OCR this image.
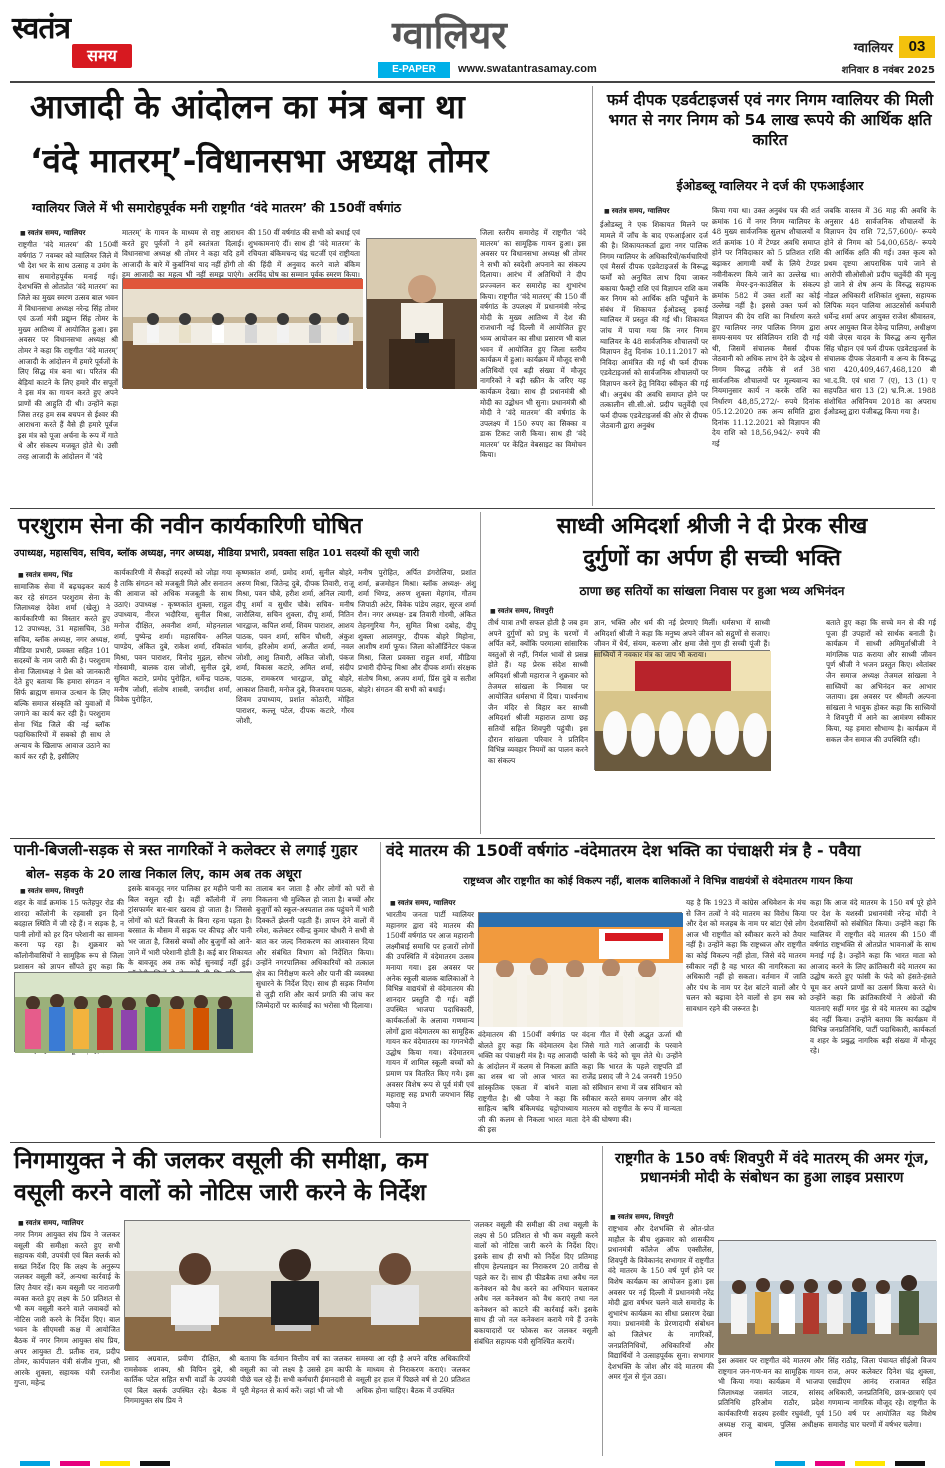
स्वतंत्र
समय	ग्वालियर
E-PAPER	www.swatantrasamay.com
ग्वालियर	03
शनिवार 8 नवंबर 2025
आजादी के आंदोलन का मंत्र बना था
‘वंदे मातरम्’-विधानसभा अध्यक्ष तोमर
ग्वालियर जिले में भी समारोहपूर्वक मनी राष्ट्रगीत ‘वंदे मातरम’ की 150वीं वर्षगांठ
■ स्वतंत्र समय, ग्वालियर
राष्ट्रगीत ‘वंदे मातरम’ की 150वीं वर्षगांठ 7 नवम्बर को ग्वालियर जिले में भी देश भर के साथ उत्साह व उमंग के साथ समारोहपूर्वक मनाई गई। देशभक्ति से ओतप्रोत ‘वंदे मातरम’ का जिले का मुख्य स्मरण उत्सव बाल भवन में विधानसभा अध्यक्ष नरेन्द्र सिंह तोमर एवं ऊर्जा मंत्री प्रद्युम्न सिंह तोमर के मुख्य आतिथ्य में आयोजित हुआ। इस अवसर पर विधानसभा अध्यक्ष श्री तोमर ने कहा कि राष्ट्रगीत ‘वंदे मातरम्’ आजादी के आंदोलन में हमारे पूर्वजों के लिए सिद्ध मंत्र बना था। परितंत्र की बेड़ियां काटने के लिए हमारे वीर सपूतों ने इस मंत्र का गायन करते हुए अपने प्राणों की आहुति दी थी। उन्होंने कहा जिस तरह हम सब बचपन से ईश्वर की आराधना करते हैं वैसे ही हमारे पूर्वज इस मंत्र को पूजा अर्चना के रूप में गाते थे और संकल्प मजबूत होते थे। उसी तरह आजादी के आंदोलन में ‘वंदे
मातरम्’ के गायन के माध्यम से राष्ट्र आराधन करते हुए पूर्वजों ने हमें स्वतंत्रता दिलाई। विधानसभा अध्यक्ष श्री तोमर ने कहा यदि हमें आजादी के बारे में कुर्बानियां याद नहीं होंगी तो हम आजादी का महत्व भी नहीं समझ पाएंगे।
की 150 वीं वर्षगांठ की सभी को बधाई एवं शुभकामनाएं दीं। साथ ही ‘वंदे मातरम’ के रचियता बंकिमचन्द चंद्र चटर्जी एवं राष्ट्रीयता की हिंदी में अनुवाद करने वाले बंकिम अरविंद घोष का सम्मान पूर्वक स्मरण किया।
जिला स्तरीय समारोह में राष्ट्रगीत ‘वंदे मातरम’ का सामूहिक गायन हुआ। इस अवसर पर विधानसभा अध्यक्ष श्री तोमर ने सभी को स्वदेशी अपनाने का संकल्प दिलाया। आरंभ में अतिथियों ने दीप प्रज्ज्वलन कर समारोह का शुभारंभ किया। राष्ट्रगीत ‘वंदे मातरम्’ की 150 वीं वर्षगांठ के उपलक्ष्य में प्रधानमंत्री नरेन्द्र मोदी के मुख्य आतिथ्य में देश की राजधानी नई दिल्ली में आयोजित हुए भव्य आयोजन का सीधा प्रसारण भी बाल भवन में आयोजित हुए जिला स्तरीय कार्यक्रम में हुआ। कार्यक्रम में मौजूद सभी अतिथियों एवं बड़ी संख्या में मौजूद नागरिकों ने बड़ी स्क्रीन के जरिए यह कार्यक्रम देखा। साथ ही प्रधानमंत्री श्री मोदी का उद्बोधन भी सुना। प्रधानमंत्री श्री मोदी ने ‘वंदे मातरम’ की वर्षगांठ के उपलक्ष्य में 150 रुपए का सिक्का व डाक टिकट जारी किया। साथ ही ‘वंदे मातरम’ पर केंद्रित वेबसाइट का विमोचन किया।
फर्म दीपक एडर्वटाइजर्स एवं नगर निगम ग्वालियर की मिली भगत से नगर निगम को 54 लाख रूपये की आर्थिक क्षति कारित
ईओडब्लू ग्वालियर ने दर्ज की एफआईआर
■ स्वतंत्र समय, ग्वालियर
ईओडब्लू ने एक शिकायत मिलने पर मामले में जाँच के बाद एफआईआर दर्ज की है। शिकायतकर्ता द्वारा नगर पालिक निगम ग्वालियर के अधिकारियों/कर्मचारियों एवं मैसर्स दीपक एडवेटाइजर्स के विरूद्ध फर्मों को अनुचित लाभ दिया जाकर बकाया फैक्ट्री राशि एवं विज्ञापन राशि कम कर निगम को आर्थिक क्षति पहुँचाने के संबंध में शिकायत ईओडब्लू इकाई ग्वालियर में प्रस्तुत की गई थी। शिकायत जांच में पाया गया कि नगर निगम ग्वालियर के 48 सार्वजनिक शौचालयों पर विज्ञापन हेतु दिनांक 10.11.2017 को निविदा आमंत्रित की गई थी फर्म दीपक एडवेटाइजर्स को सार्वजनिक शौचालयों पर विज्ञापन करने हेतु निविदा स्वीकृत की गई थी। अनुबंध की अवधि समाप्त होने पर तत्कालीन सी.सी.ओ. प्रदीप चतुर्वेदी एवं फर्म दीपक एडवेटाइजर्स की ओर से दीपक जेठवानी द्वारा अनुबंध
किया गया था। उक्त अनुबंध पत्र की शर्त क्रमांक 16 में नगर निगम ग्वालियर के 48 मुख्य सार्वजनिक सुलभ शौचालयों व शर्त क्रमांक 10 में टेण्डर अवधि समाप्त होने पर निविदाकार को 5 प्रतिशत राशि बढ़ाकर आगामी वर्षों के लिये टेण्डर नवीनीकरण किये जाने का उल्लेख था। जबकि मेयर-इन-काउंसिल के संकल्प क्रमांक 582 में उक्त शर्तों का कोई उल्लेख नहीं है। इससे उक्त फर्म को विज्ञापन की देय राशि का निर्धारण करते हुए ग्वालियर नगर पालिक निगम द्वारा समय-समय पर संविलियन राशि दी गई थी, जिसमें संचालक मैसर्स दीपक जेठवानी को अधिक लाभ देने के उद्देश्य से निगम विरुद्ध तरीके से शर्त 38 सार्वजनिक शौचालयों पर मूल्यवान्य का नियमानुसार कार्य न करके राशि का निर्धारण 48,85,272/- रुपये दिनांक 05.12.2020 तक अन्य समिति द्वारा दिनांक 11.12.2021 को विज्ञापन की देय राशि को 18,56,942/- रुपये की गई
जबकि वास्तव में 36 माह की अवधि के अनुसार 48 सार्वजनिक शौचालयों के विज्ञापन देय राशि 72,57,600/- रूपये होने से निगम को 54,00,658/- रूपये की आर्थिक क्षति की गई। उक्त कृत्य को प्रथम दृष्टया आपराधिक पाये जाने से आरोपी सीओसीओ प्रदीप चतुर्वेदी की मृत्यु हो जाने से शेष अन्य के विरुद्ध सहायक नोडल अधिकारी शशिकांत शुक्ला, सहायक लिपिक मदन पालिया आउटसोर्स कर्मचारी धर्मेन्द्र शर्मा अपर आयुक्त राजेश श्रीवास्तव, अपर आयुक्त विज देवेन्द्र पालिया, अधीक्षण यंत्री जेएस यादव के विरुद्ध अन्य सुनील सिंह चौहान एवं फर्म दीपक एडवेटाइजर्स के संचालक दीपक जेठवानी व अन्य के विरूद्ध धारा 420,409,467,468,120 बी भा.द.वि. एवं धारा 7 (ए), 13 (1) ए सहपठित धारा 13 (2) भ्र.नि.अ. 1988 संशोधित अधिनियम 2018 का अपराध ईओडब्लू द्वारा पंजीबद्ध किया गया है।
परशुराम सेना की नवीन कार्यकारिणी घोषित
उपाध्यक्ष, महासचिव, सचिव, ब्लॉक अध्यक्ष, नगर अध्यक्ष, मीडिया प्रभारी, प्रवक्ता सहित 101 सदस्यों की सूची जारी
■ स्वतंत्र समय, भिंड
सामाजिक सेवा में बढ़चढ़कर कार्य कर रहे संगठन परशुराम सेना के जिलाध्यक्ष देवेश शर्मा (खेलू) ने कार्यकारिणी का विस्तार करते हुए 12 उपाध्यक्ष, 31 महासचिव, 38 सचिव, ब्लॉक अध्यक्ष, नगर अध्यक्ष, मीडिया प्रभारी, प्रवक्ता सहित 101 सदस्यों के नाम जारी की है। परशुराम सेना जिलाध्यक्ष ने प्रेस को जानकारी देते हुए बताया कि हमारा संगठन न सिर्फ ब्राह्मण समाज उत्थान के लिए बल्कि समाज संस्कृति को युवाओं में जगाने का कार्य कर रही है। परशुराम सेना भिंड जिले की नई ब्लॉक पदाधिकारियों में सबको ही साथ ले अन्याय के खिलाफ आवाज उठाने का कार्य कर रही है, इसीलिए
कार्यकारिणी में सैकड़ों सदस्यों को जोड़ा गया है ताकि संगठन को मजबूती मिले और सनातन की आवाज को अधिक मजबूती के साथ उठाएं। उपाध्यक्ष - कृष्णकांत शुक्ला, राहुल उपाध्याय, नीरज भदौरिया, सुनील मिश्रा, मनोज दीक्षित, अवनीश शर्मा, मोहनलाल शर्मा, पुष्पेन्द्र शर्मा। महासचिव- अनिल पाण्डेय, अंकित दुबे, राकेश शर्मा, रविकांत मिश्रा, पवन पाराशर, विनोद मुद्गल, सौरभ गोस्वामी, बालक दास जोशी, सुनील दुबे, सुमित कटारे, प्रमोद पुरोहित, धर्मेन्द्र पाठक, मनीष जोशी, संतोष शास्त्री, जगदीश शर्मा, विवेक पुरोहित,
कृष्णकांत शर्मा, प्रमोद शर्मा, सुनील बोहरे, अरुण मिश्रा, जितेन्द्र दुबे, दीपक तिवारी, राजू मिश्रा, पवन चौबे, हरीश शर्मा, अनिल त्यागी, दीपू शर्मा व सुधीर चौबे। सचिव- मनीष जारौलिया, सचिन शुक्ला, दीपू शर्मा, नितिन भारद्वाज, कपिल शर्मा, शिवम पाराशर, आशय पाठक, पवन शर्मा, सचिन चौधरी, अंकुश भार्गव, हरिओम शर्मा, अजीत शर्मा, नवल जोशी, आशु तिवारी, अंकित जोशी, पंकज शर्मा, विकास कटारे, अमित शर्मा, संदीप पाठक, रामकरण भारद्वाज, छोटू बोहरे, आकाश तिवारी, मनोज दुबे, विजयराम पाठक, शिवम उपाध्याय, प्रशांत कोठारी, मोहित पाराशर, कल्लू पटेल, दीपक कटारे, गौरव जोशी,
मनीष पुरोहित, अर्पित डंगरोलिया, प्रशांत शर्मा, ब्रजमोहन मिश्रा। ब्लॉक अध्यक्ष- अंशु शर्मा भिण्ड, अरुण शुक्ला मेहगांव, गौतम जिपाठी अटेर, विवेक पांडेय लहार, सूरज शर्मा रौन। नगर अध्यक्ष- डब तिवारी गोरमी, अंकित तेहनगुरिया गैन, सुमित मिश्रा दबोह, दीपू शुक्ला आलमपुर, दीपक बोहरे मिहोना, आशीष शर्मा फूफ। जिला कोऑर्डिनेटर पंकज मिश्रा, जिला प्रवक्ता राहुल शर्मा, मीडिया प्रभारी दीपेन्द्र मिश्रा और दीपक शर्मा। संरक्षक संतोष मिश्रा, अजय शर्मा, प्रिंस दुबे व सतीश बोहरे। संगठन की सभी को बधाई।
साध्वी अमिदर्शा श्रीजी ने दी प्रेरक सीख
दुर्गुणों का अर्पण ही सच्ची भक्ति
ठाणा छह सतियों का सांखला निवास पर हुआ भव्य अभिनंदन
■ स्वतंत्र समय, शिवपुरी
तीर्थ यात्रा तभी सफल होती है जब हम अपने दुर्गुणों को प्रभु के चरणों में अर्पित करें, क्योंकि परमात्मा सांसारिक वस्तुओं से नहीं, निर्मल भावों से प्रसन्न होते हैं। यह प्रेरक संदेश साध्वी अमिदर्शा श्रीजी महाराज ने शुक्रवार को तेजमल सांखला के निवास पर आयोजित धर्मसभा में दिया। पार्श्वनाथ जैन मंदिर से विहार कर साध्वी अमिदर्शा श्रीजी महाराज ठाणा छह सतियों सहित शिवपुरी पहुंची। इस दौरान सांखला परिवार ने प्रतिदिन विभिन्न व्यवहार नियमों का पालन करने का संकल्प
ज्ञान, भक्ति और धर्म की नई प्रेरणाएं मिलीं। धर्मसभा में साध्वी अमिदर्शा श्रीजी ने कहा कि मनुष्य अपने जीवन को सद्गुणों से सजाए। जीवन में धैर्य, संयम, करुणा और क्षमा जैसे गुण ही सच्ची पूंजी हैं। साध्वियों ने नवकार मंत्र का जाप भी कराया।
बताते हुए कहा कि सच्चे मन से की गई पूजा ही उपहारों को सार्थक बनाती है। कार्यक्रम में साध्वी अमिमुर्ताश्रीजी ने मांगलिक पाठ कराया और साध्वी जीवन पूर्ण श्रीजी ने भजन प्रस्तुत किए। श्वेतांबर जैन समाज अध्यक्ष तेजमल सांखला ने साध्वियों का अभिनंदन कर आभार जताया। इस अवसर पर श्रीमती अल्पना सांखला ने भावुक होकर कहा कि साध्वियों ने शिवपुरी में आने का आमंत्रण स्वीकार किया, यह हमारा सौभाग्य है। कार्यक्रम में सकल जैन समाज की उपस्थिति रही।
पानी-बिजली-सड़क से त्रस्त नागरिकों ने कलेक्टर से लगाई गुहार
बोल- सड़क के 20 लाख निकाल लिए, काम अब तक अधूरा
■ स्वतंत्र समय, शिवपुरी
शहर के वार्ड क्रमांक 15 फतेहपुर रोड की शारदा कॉलोनी के रहवासी इन दिनों बदहाल स्थिति में जी रहे हैं। न सड़क है, न पानी लोगों को हर दिन परेशानी का सामना करना पड़ रहा है। शुक्रवार को कॉलोनीवासियों ने सामूहिक रूप से जिला प्रशासन को ज्ञापन सौंपते हुए कहा कि
इसके बावजूद नगर पालिका हर महीने पानी का बिल वसूल रही है। वहीं कॉलोनी में लगा ट्रांसफार्मर बार-बार खराब हो जाता है। जिससे लोगों को घंटों बिजली के बिना रहना पड़ता है। बरसात के मौसम में सड़क पर कीचड़ और पानी भर जाता है, जिससे बच्चों और बुजुर्गों को आने-जाने में भारी परेशानी होती है। कई बार शिकायत के बावजूद अब तक कोई सुनवाई नहीं हुई।
तालाब बन जाता है और लोगों को घरों से निकलना भी मुश्किल हो जाता है। बच्चों और बुजुर्गों को स्कूल-अस्पताल तक पहुंचने में भारी दिक्कतें झेलनी पड़ती हैं। ज्ञापन देने वालों में रमेश, कलेक्टर रवीन्द्र कुमार चौधरी ने सभी से बात कर जल्द निराकरण का आश्वासन दिया और संबंधित विभाग को निर्देशित किया। उन्होंने नगरपालिका अधिकारियों को तत्काल क्षेत्र का निरीक्षण करने और पानी की व्यवस्था सुधारने के निर्देश दिए। साथ ही सड़क निर्माण से जुड़ी राशि और कार्य प्रगति की जांच कर जिम्मेदारों पर कार्रवाई का भरोसा भी दिलाया।
वंदे मातरम की 150वीं वर्षगांठ -वंदेमातरम देश भक्ति का पंचाक्षरी मंत्र है - पवैया
राष्ट्रध्वज और राष्ट्रगीत का कोई विकल्प नहीं, बालक बालिकाओं ने विभिन्न वाद्ययंत्रों से वंदेमातरम गायन किया
■ स्वतंत्र समय, ग्वालियर
भारतीय जनता पार्टी ग्वालियर महानगर द्वारा वंदे मातरम की 150वीं वर्षगांठ पर आज महारानी लक्ष्मीबाई समाधि पर हजारों लोगों की उपस्थिति में वंदेमातरम उत्सव मनाया गया। इस अवसर पर अनेक स्कूली बालक बालिकाओं ने विभिन्न वाद्ययंत्रों से वंदेमातरम की शानदार प्रस्तुति दी गई। वहीं उपस्थित भाजपा पदाधिकारी, कार्यकर्ताओं के अलावा गणमान्य लोगों द्वारा वंदेमातरम का सामूहिक गायन कर वंदेमातरम का गगनभेदी उद्घोष किया गया। वंदेमातरम गायन में शामिल स्कूली बच्चों को प्रमाण पत्र वितरित किए गये। इस अवसर विशेष रूप से पूर्व मंत्री एवं महाराष्ट्र सह प्रभारी जयभान सिंह पवैया ने
वंदेमातरम की 150वीं वर्षगांठ पर बोलते हुए कहा कि वंदेमातरम देश भक्ति का पंचाक्षरी मंत्र है। यह आजादी के आंदोलन में कलम से निकला क्रांति का शस्त्र था जो आज भारत का सांस्कृतिक एकता में बांधने वाला राष्ट्रगीत है। श्री पवैया ने कहा कि साहित्य ऋषि बंकिमचंद्र चट्टोपाध्याय जी की कलम से निकला भारत माता की इस
वंदना गीत में ऐसी अद्भुत ऊर्जा थी जिसे गाते गाते आजादी के परवाने फांसी के फंदे को चूम लेते थे। उन्होंने कहा कि भारत के पहले राष्ट्रपति डॉ राजेंद्र प्रसाद जी ने 24 जनवरी 1950 को संविधान सभा में जब संविधान को स्वीकार करते समय जनगण और वंदे मातरम को राष्ट्रगीत के रूप में मान्यता देने की घोषणा की।
यह है कि 1923 में कांग्रेस अधिवेशन के मंच से जिन तत्वों ने वंदे मातरम का विरोध किया और देश को मजहब के नाम पर बांटा ऐसे लोग आज भी राष्ट्रगीत को स्वीकार करने को तैयार नहीं है। उन्होंने कहा कि राष्ट्रध्वज और राष्ट्रगीत का कोई विकल्प नहीं होता, जिसे वंदे मातरम स्वीकार नहीं है वह भारत की नागरिकता का अधिकारी नहीं हो सकता। वर्तमान में जाति और पंथ के नाम पर देश बांटने वालों और पे चलन को बढ़ावा देने वालों से हम सब को सावधान रहने की जरूरत है।
कहा कि आज वंदे मातरम के 150 वर्ष पूरे होने पर देश के यशस्वी प्रधानमंत्री नरेन्द्र मोदी ने देशवासियों को संबोधित किया। उन्होंने कहा कि ग्वालियर में राष्ट्रगीत वंदे मातरम की 150 वीं वर्षगांठ राष्ट्रभक्ति से ओतप्रोत भावनाओं के साथ मनाई गई है। उन्होंने कहा कि भारत माता को आजाद करने के लिए क्रांतिकारी वंदे मातरम का उद्घोष करते हुए फांसी के फंदे को हंसते-हंसते चूम कर अपने प्राणों का उत्सर्ग किया करते थे। उन्होंने कहा कि क्रांतिकारियों ने अंग्रेजों की यातनाएं सहीं मगर मुंह से वंदे मातरम का उद्घोष बंद नहीं किया। उन्होंने बताया कि कार्यक्रम में विभिन्न जनप्रतिनिधि, पार्टी पदाधिकारी, कार्यकर्ता व शहर के प्रबुद्ध नागरिक बड़ी संख्या में मौजूद रहे।
निगमायुक्त ने की जलकर वसूली की समीक्षा, कम
वसूली करने वालों को नोटिस जारी करने के निर्देश
■ स्वतंत्र समय, ग्वालियर
नगर निगम आयुक्त संघ प्रिय ने जलकर वसूली की समीक्षा करते हुए सभी सहायक यंत्री, उपयंत्री एवं बिल क्लर्क को सख्त निर्देश दिए कि लक्ष्य के अनुरूप जलकर वसूली करें, अन्यथा कार्रवाई के लिए तैयार रहें। कम वसूली पर नाराजगी व्यक्त करते हुए लक्ष्य के 50 प्रतिशत से भी कम वसूली करने वाले जवाबदों को नोटिस जारी करने के निर्देश दिए। बाल भवन के सीएमसी कक्ष में आयोजित बैठक में नगर निगम आयुक्त संघ प्रिय, अपर आयुक्त टी. प्रतीक राव, प्रदीप तोमर, कार्यपालन यंत्री संजीव गुप्ता, श्री आरके शुक्ला, सहायक यंत्री रजनीश गुप्ता, महेन्द्र
प्रसाद अग्रवाल, प्रवीण दीक्षित, श्री रामसेवक शाक्य, श्री विपिन दुबे, श्री कार्तिक पटेल सहित सभी वार्डों के उपयंत्री एवं बिल क्लर्क उपस्थित रहे। बैठक में निगमायुक्त संघ प्रिय ने
बताया कि वर्तमान वित्तीय वर्ष का जलकर वसूली का जो लक्ष्य है उससे हम काफी पीछे चल रहे हैं। सभी कर्मचारी ईमानदारी से पूरी मेहनत से कार्य करें। जहां भी जो भी
समस्या आ रही है अपने वरिष्ठ अधिकारियों के माध्यम से निराकरण कराएं। जलकर वसूली हर हाल में पिछले वर्ष से 20 प्रतिशत अधिक होना चाहिए। बैठक में उपस्थित
जलकर वसूली की समीक्षा की तथा वसूली के लक्ष्य से 50 प्रतिशत से भी कम वसूली करने वालों को नोटिस जारी करने के निर्देश दिए। इसके साथ ही सभी को निर्देश दिए प्रतिमाह सीएम हेल्पलाइन का निराकरण 20 तारीख से पहले कर दें। साथ ही फीडबैक तथा अवैध नल कनेक्शन को वैध करने का अभियान चलाकर अवैध नल कनेक्शन को वैध कराएं तथा नल कनेक्शन को काटने की कार्रवाई करें। इसके साथ ही जो नल कनेक्शन कराये गये हैं उनके बकायादारों पर फोकस कर जलकर वसूली संबंधित सहायक यंत्री सुनिश्चित करायें।
राष्ट्रगीत के 150 वर्षः शिवपुरी में वंदे मातरम् की अमर गूंज, प्रधानमंत्री मोदी के संबोधन का हुआ लाइव प्रसारण
■ स्वतंत्र समय, शिवपुरी
राष्ट्रभाव और देशभक्ति से ओत-प्रोत माहौल के बीच शुक्रवार को शासकीय प्रधानमंत्री कॉलेज ऑफ एक्सीलेंस, शिवपुरी के विवेकानंद सभागार में राष्ट्रगीत वंदे मातरम के 150 वर्ष पूर्ण होने पर विशेष कार्यक्रम का आयोजन हुआ। इस अवसर पर नई दिल्ली में प्रधानमंत्री नरेंद्र मोदी द्वारा वर्षभर चलने वाले समारोह के शुभारंभ कार्यक्रम का सीधा प्रसारण देखा गया। प्रधानमंत्री के प्रेरणादायी संबोधन को जिलेभर के नागरिकों, जनप्रतिनिधियों, अधिकारियों और विद्यार्थियों ने उत्साहपूर्वक सुना। सभागार देशभक्ति के जोश और वंदे मातरम की अमर गूंज से गूंज उठा।
इस अवसर पर राष्ट्रगीत वंदे मातरम और राष्ट्रगान जन-गण-मन का सामूहिक गायन भी किया गया। कार्यक्रम में भाजपा जिलाध्यक्ष जसमंत जाटव, सांसद प्रतिनिधि हरिओम राठौर, प्रदेश कार्यकारिणी सदस्य हरवीर रघुवंशी, पूर्व अध्यक्ष राजू बाथम, पुलिस अधीक्षक अमन
सिंह राठौड़, जिला पंचायत सीईओ विजय राज, अपर कलेक्टर दिनेश चंद्र शुक्ला, एसडीएम आनंद राजावत सहित अधिकारी, जनप्रतिनिधि, छात्र-छात्राएं एवं गणमान्य नागरिक मौजूद रहे। राष्ट्रगीत के 150 वर्ष पर आयोजित यह विशेष समारोह चार चरणों में वर्षभर चलेगा।
